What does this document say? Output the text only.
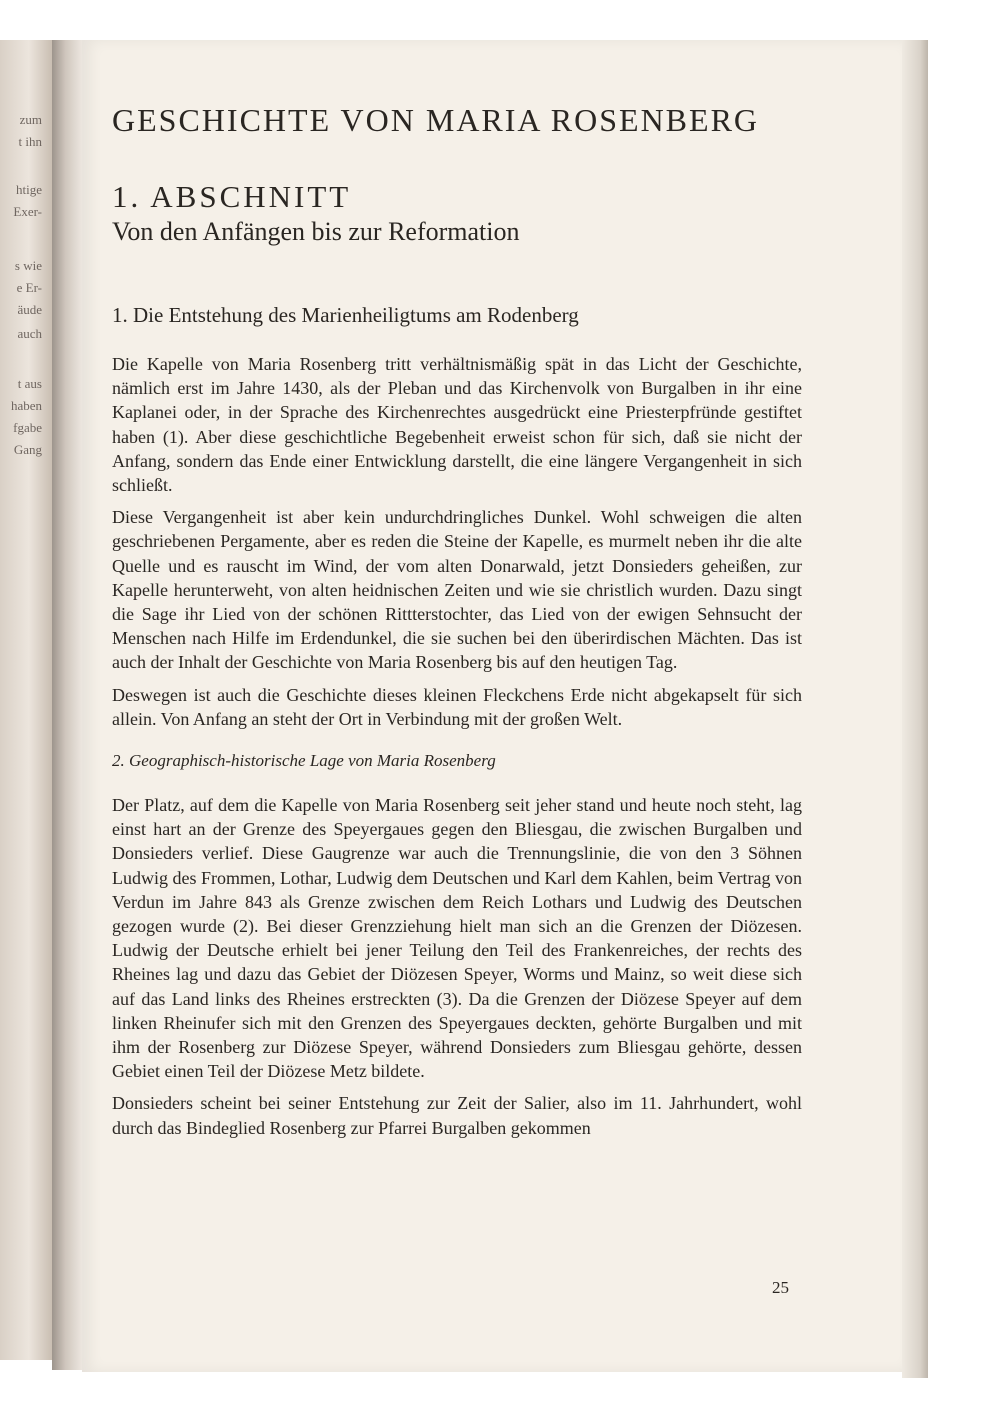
zum
t ihn
htige
Exer-
s wie
e Er-
äude
auch
t aus
haben
fgabe
Gang
GESCHICHTE VON MARIA ROSENBERG
1. ABSCHNITT
Von den Anfängen bis zur Reformation
1. Die Entstehung des Marienheiligtums am Rodenberg

Die Kapelle von Maria Rosenberg tritt verhältnismäßig spät in das Licht der Geschichte, nämlich erst im Jahre 1430, als der Pleban und das Kirchenvolk von Burgalben in ihr eine Kaplanei oder, in der Sprache des Kirchenrechtes ausgedrückt eine Priesterpfründe gestiftet haben (1). Aber diese geschichtliche Begebenheit erweist schon für sich, daß sie nicht der Anfang, sondern das Ende einer Entwicklung darstellt, die eine längere Vergangenheit in sich schließt.

Diese Vergangenheit ist aber kein undurchdringliches Dunkel. Wohl schweigen die alten geschriebenen Pergamente, aber es reden die Steine der Kapelle, es murmelt neben ihr die alte Quelle und es rauscht im Wind, der vom alten Donarwald, jetzt Donsieders geheißen, zur Kapelle herunterweht, von alten heidnischen Zeiten und wie sie christlich wurden. Dazu singt die Sage ihr Lied von der schönen Rittterstochter, das Lied von der ewigen Sehnsucht der Menschen nach Hilfe im Erdendunkel, die sie suchen bei den überirdischen Mächten. Das ist auch der Inhalt der Geschichte von Maria Rosenberg bis auf den heutigen Tag.

Deswegen ist auch die Geschichte dieses kleinen Fleckchens Erde nicht abgekapselt für sich allein. Von Anfang an steht der Ort in Verbindung mit der großen Welt.

2. Geographisch-historische Lage von Maria Rosenberg

Der Platz, auf dem die Kapelle von Maria Rosenberg seit jeher stand und heute noch steht, lag einst hart an der Grenze des Speyergaues gegen den Bliesgau, die zwischen Burgalben und Donsieders verlief. Diese Gaugrenze war auch die Trennungslinie, die von den 3 Söhnen Ludwig des Frommen, Lothar, Ludwig dem Deutschen und Karl dem Kahlen, beim Vertrag von Verdun im Jahre 843 als Grenze zwischen dem Reich Lothars und Ludwig des Deutschen gezogen wurde (2). Bei dieser Grenzziehung hielt man sich an die Grenzen der Diözesen. Ludwig der Deutsche erhielt bei jener Teilung den Teil des Frankenreiches, der rechts des Rheines lag und dazu das Gebiet der Diözesen Speyer, Worms und Mainz, so weit diese sich auf das Land links des Rheines erstreckten (3). Da die Grenzen der Diözese Speyer auf dem linken Rheinufer sich mit den Grenzen des Speyergaues deckten, gehörte Burgalben und mit ihm der Rosenberg zur Diözese Speyer, während Donsieders zum Bliesgau gehörte, dessen Gebiet einen Teil der Diözese Metz bildete.

Donsieders scheint bei seiner Entstehung zur Zeit der Salier, also im 11. Jahrhundert, wohl durch das Bindeglied Rosenberg zur Pfarrei Burgalben gekommen

25
